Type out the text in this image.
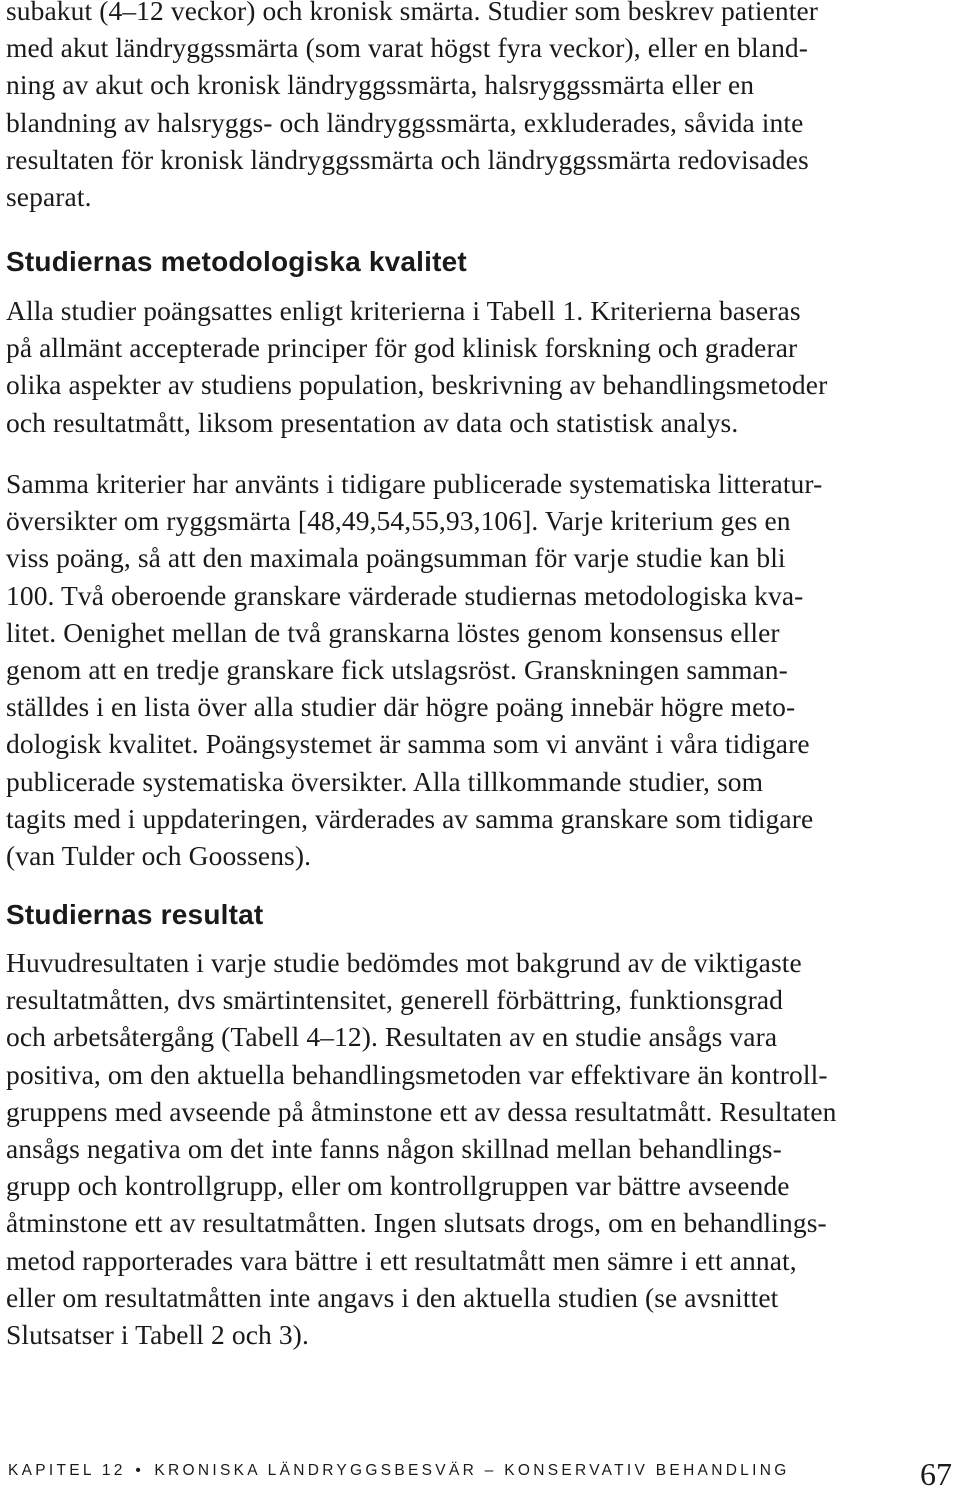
subakut (4–12 veckor) och kronisk smärta. Studier som beskrev patienter
med akut ländryggssmärta (som varat högst fyra veckor), eller en bland-
ning av akut och kronisk ländryggssmärta, halsryggssmärta eller en
blandning av halsryggs- och ländryggssmärta, exkluderades, såvida inte
resultaten för kronisk ländryggssmärta och ländryggssmärta redovisades
separat.
Studiernas metodologiska kvalitet
Alla studier poängsattes enligt kriterierna i Tabell 1. Kriterierna baseras
på allmänt accepterade principer för god klinisk forskning och graderar
olika aspekter av studiens population, beskrivning av behandlingsmetoder
och resultatmått, liksom presentation av data och statistisk analys.
Samma kriterier har använts i tidigare publicerade systematiska litteratur-
översikter om ryggsmärta [48,49,54,55,93,106]. Varje kriterium ges en
viss poäng, så att den maximala poängsumman för varje studie kan bli
100. Två oberoende granskare värderade studiernas metodologiska kva-
litet. Oenighet mellan de två granskarna löstes genom konsensus eller
genom att en tredje granskare fick utslagsröst. Granskningen samman-
ställdes i en lista över alla studier där högre poäng innebär högre meto-
dologisk kvalitet. Poängsystemet är samma som vi använt i våra tidigare
publicerade systematiska översikter. Alla tillkommande studier, som
tagits med i uppdateringen, värderades av samma granskare som tidigare
(van Tulder och Goossens).
Studiernas resultat
Huvudresultaten i varje studie bedömdes mot bakgrund av de viktigaste
resultatmåtten, dvs smärtintensitet, generell förbättring, funktionsgrad
och arbetsåtergång (Tabell 4–12). Resultaten av en studie ansågs vara
positiva, om den aktuella behandlingsmetoden var effektivare än kontroll-
gruppens med avseende på åtminstone ett av dessa resultatmått. Resultaten
ansågs negativa om det inte fanns någon skillnad mellan behandlings-
grupp och kontrollgrupp, eller om kontrollgruppen var bättre avseende
åtminstone ett av resultatmåtten. Ingen slutsats drogs, om en behandlings-
metod rapporterades vara bättre i ett resultatmått men sämre i ett annat,
eller om resultatmåtten inte angavs i den aktuella studien (se avsnittet
Slutsatser i Tabell 2 och 3).
KAPITEL 12 • KRONISKA LÄNDRYGGSBESVÄR – KONSERVATIV BEHANDLING	67
